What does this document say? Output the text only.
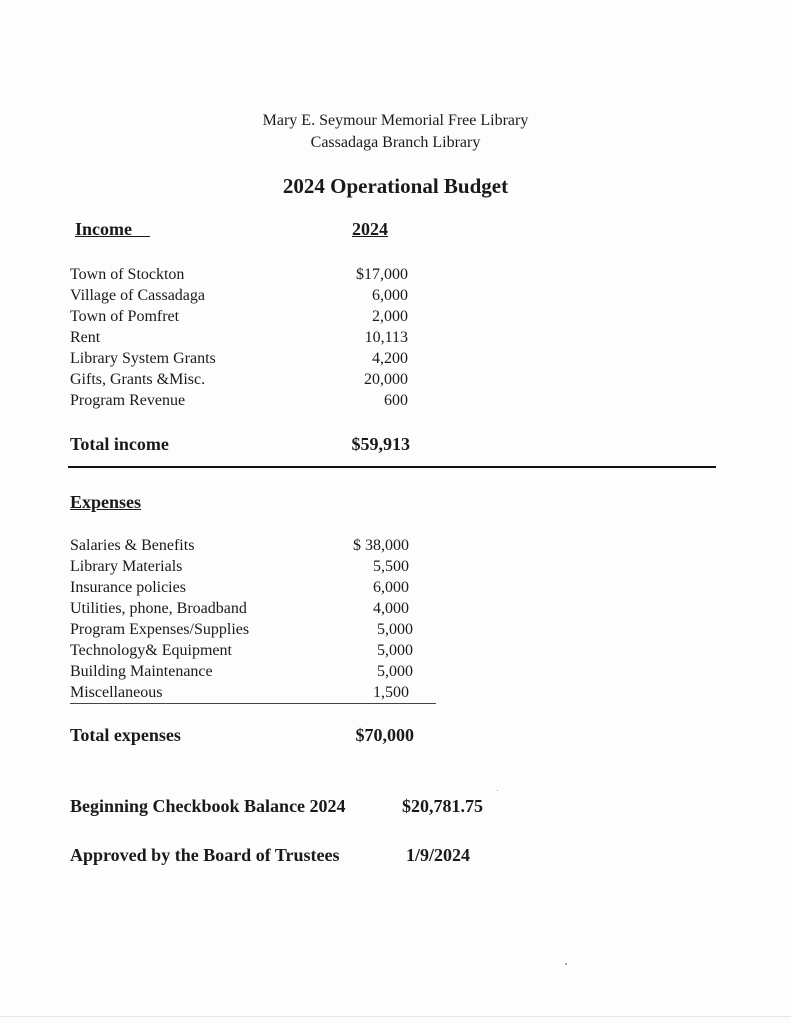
Mary E. Seymour Memorial Free Library
Cassadaga Branch Library
2024 Operational Budget
Income	2024
Town of Stockton	$17,000
Village of Cassadaga	6,000
Town of Pomfret	2,000
Rent	10,113
Library System Grants	4,200
Gifts, Grants &Misc.	20,000
Program Revenue	600
Total income	$59,913
Expenses
Salaries & Benefits	$ 38,000
Library Materials	5,500
Insurance policies	6,000
Utilities, phone, Broadband	4,000
Program Expenses/Supplies	5,000
Technology& Equipment	5,000
Building Maintenance	5,000
Miscellaneous	1,500
Total expenses	$70,000
Beginning Checkbook Balance 2024	$20,781.75
Approved by the Board of Trustees	1/9/2024
